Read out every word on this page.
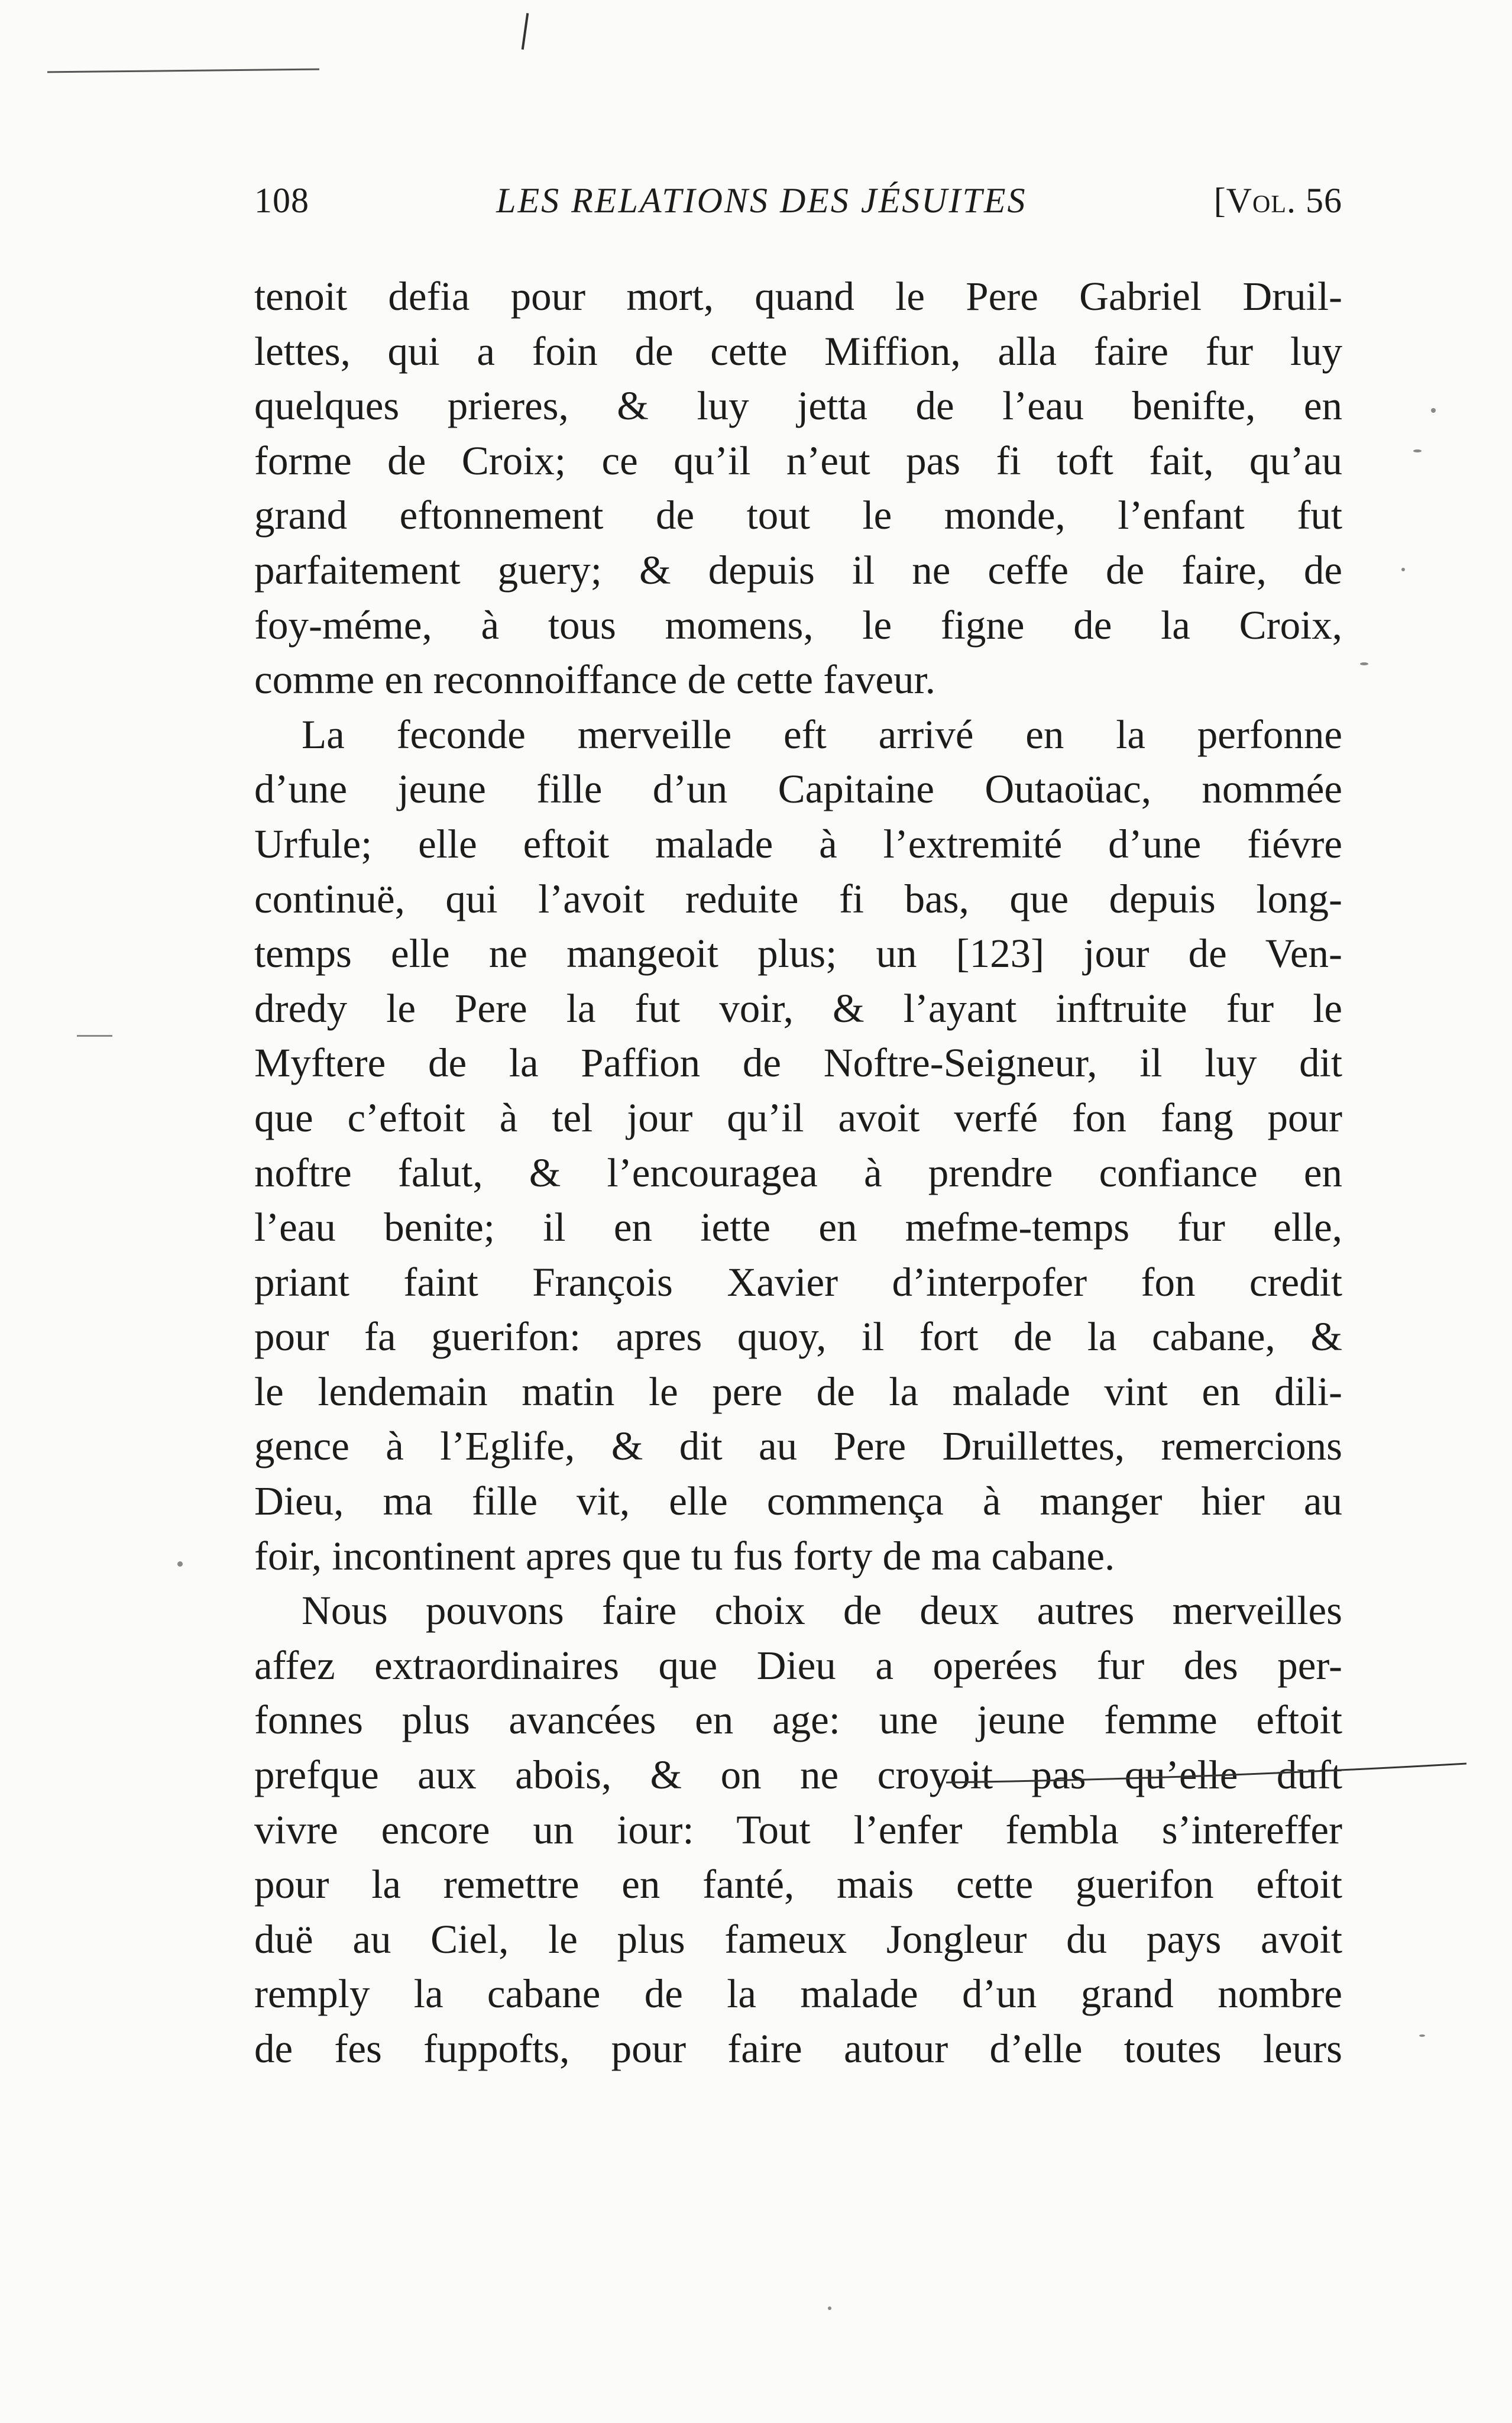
108	LES RELATIONS DES JÉSUITES	[Vol. 56
tenoit defia pour mort, quand le Pere Gabriel Druil-
lettes, qui a foin de cette Miffion, alla faire fur luy
quelques prieres, & luy jetta de l’eau benifte, en
forme de Croix; ce qu’il n’eut pas fi toft fait, qu’au
grand eftonnement de tout le monde, l’enfant fut
parfaitement guery; & depuis il ne ceffe de faire, de
foy-méme, à tous momens, le figne de la Croix,
comme en reconnoiffance de cette faveur.
La feconde merveille eft arrivé en la perfonne
d’une jeune fille d’un Capitaine Outaoüac, nommée
Urfule; elle eftoit malade à l’extremité d’une fiévre
continuë, qui l’avoit reduite fi bas, que depuis long-
temps elle ne mangeoit plus; un [123] jour de Ven-
dredy le Pere la fut voir, & l’ayant inftruite fur le
Myftere de la Paffion de Noftre-Seigneur, il luy dit
que c’eftoit à tel jour qu’il avoit verfé fon fang pour
noftre falut, & l’encouragea à prendre confiance en
l’eau benite; il en iette en mefme-temps fur elle,
priant faint François Xavier d’interpofer fon credit
pour fa guerifon: apres quoy, il fort de la cabane, &
le lendemain matin le pere de la malade vint en dili-
gence à l’Eglife, & dit au Pere Druillettes, remercions
Dieu, ma fille vit, elle commença à manger hier au
foir, incontinent apres que tu fus forty de ma cabane.
Nous pouvons faire choix de deux autres merveilles
affez extraordinaires que Dieu a operées fur des per-
fonnes plus avancées en age: une jeune femme eftoit
prefque aux abois, & on ne croyoit pas qu’elle duft
vivre encore un iour: Tout l’enfer fembla s’intereffer
pour la remettre en fanté, mais cette guerifon eftoit
duë au Ciel, le plus fameux Jongleur du pays avoit
remply la cabane de la malade d’un grand nombre
de fes fuppofts, pour faire autour d’elle toutes leurs
